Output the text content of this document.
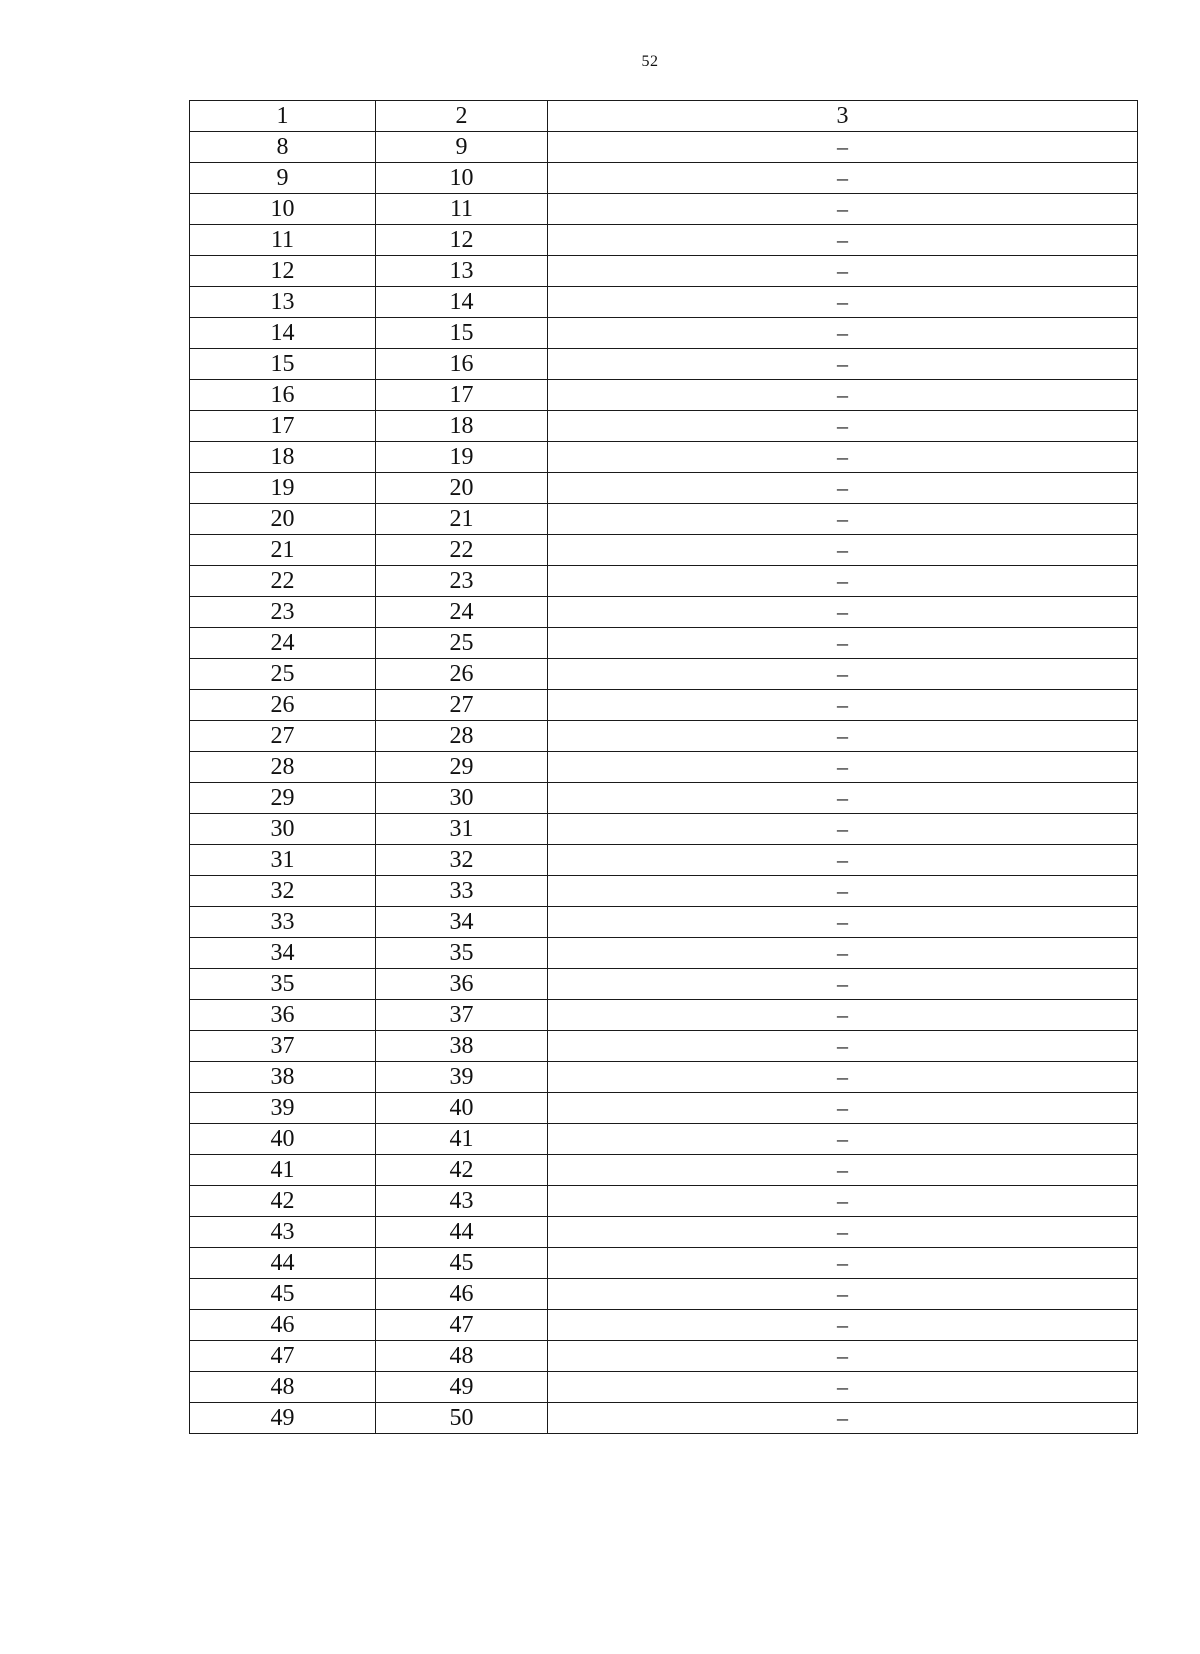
52
1	2	3
8	9	–
9	10	–
10	11	–
11	12	–
12	13	–
13	14	–
14	15	–
15	16	–
16	17	–
17	18	–
18	19	–
19	20	–
20	21	–
21	22	–
22	23	–
23	24	–
24	25	–
25	26	–
26	27	–
27	28	–
28	29	–
29	30	–
30	31	–
31	32	–
32	33	–
33	34	–
34	35	–
35	36	–
36	37	–
37	38	–
38	39	–
39	40	–
40	41	–
41	42	–
42	43	–
43	44	–
44	45	–
45	46	–
46	47	–
47	48	–
48	49	–
49	50	–
